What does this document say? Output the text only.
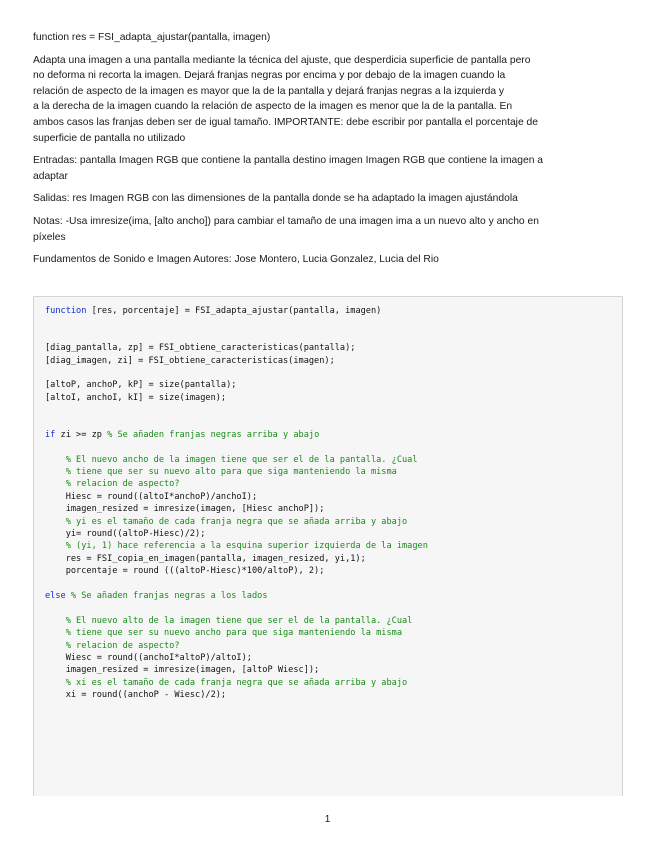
function res = FSI_adapta_ajustar(pantalla, imagen)

Adapta una imagen a una pantalla mediante la técnica del ajuste, que desperdicia superficie de pantalla pero
no deforma ni recorta la imagen. Dejará franjas negras por encima y por debajo de la imagen cuando la
relación de aspecto de la imagen es mayor que la de la pantalla y dejará franjas negras a la izquierda y
a la derecha de la imagen cuando la relación de aspecto de la imagen es menor que la de la pantalla. En
ambos casos las franjas deben ser de igual tamaño. IMPORTANTE: debe escribir por pantalla el porcentaje de
superficie de pantalla no utilizado

Entradas: pantalla Imagen RGB que contiene la pantalla destino imagen Imagen RGB que contiene la imagen a
adaptar

Salidas: res Imagen RGB con las dimensiones de la pantalla donde se ha adaptado la imagen ajustándola

Notas: -Usa imresize(ima, [alto ancho]) para cambiar el tamaño de una imagen ima a un nuevo alto y ancho en
píxeles

Fundamentos de Sonido e Imagen Autores: Jose Montero, Lucia Gonzalez, Lucia del Rio

function [res, porcentaje] = FSI_adapta_ajustar(pantalla, imagen)
[diag_pantalla, zp] = FSI_obtiene_caracteristicas(pantalla);
[diag_imagen, zi] = FSI_obtiene_caracteristicas(imagen);
[altoP, anchoP, kP] = size(pantalla);
[altoI, anchoI, kI] = size(imagen);
if zi >= zp % Se añaden franjas negras arriba y abajo
% El nuevo ancho de la imagen tiene que ser el de la pantalla. ¿Cual
% tiene que ser su nuevo alto para que siga manteniendo la misma
% relacion de aspecto?
Hiesc = round((altoI*anchoP)/anchoI);
imagen_resized = imresize(imagen, [Hiesc anchoP]);
% yi es el tamaño de cada franja negra que se añada arriba y abajo
yi= round((altoP-Hiesc)/2);
% (yi, 1) hace referencia a la esquina superior izquierda de la imagen
res = FSI_copia_en_imagen(pantalla, imagen_resized, yi,1);
porcentaje = round (((altoP-Hiesc)*100/altoP), 2);
else % Se añaden franjas negras a los lados
% El nuevo alto de la imagen tiene que ser el de la pantalla. ¿Cual
% tiene que ser su nuevo ancho para que siga manteniendo la misma
% relacion de aspecto?
Wiesc = round((anchoI*altoP)/altoI);
imagen_resized = imresize(imagen, [altoP Wiesc]);
% xi es el tamaño de cada franja negra que se añada arriba y abajo
xi = round((anchoP - Wiesc)/2);
1
